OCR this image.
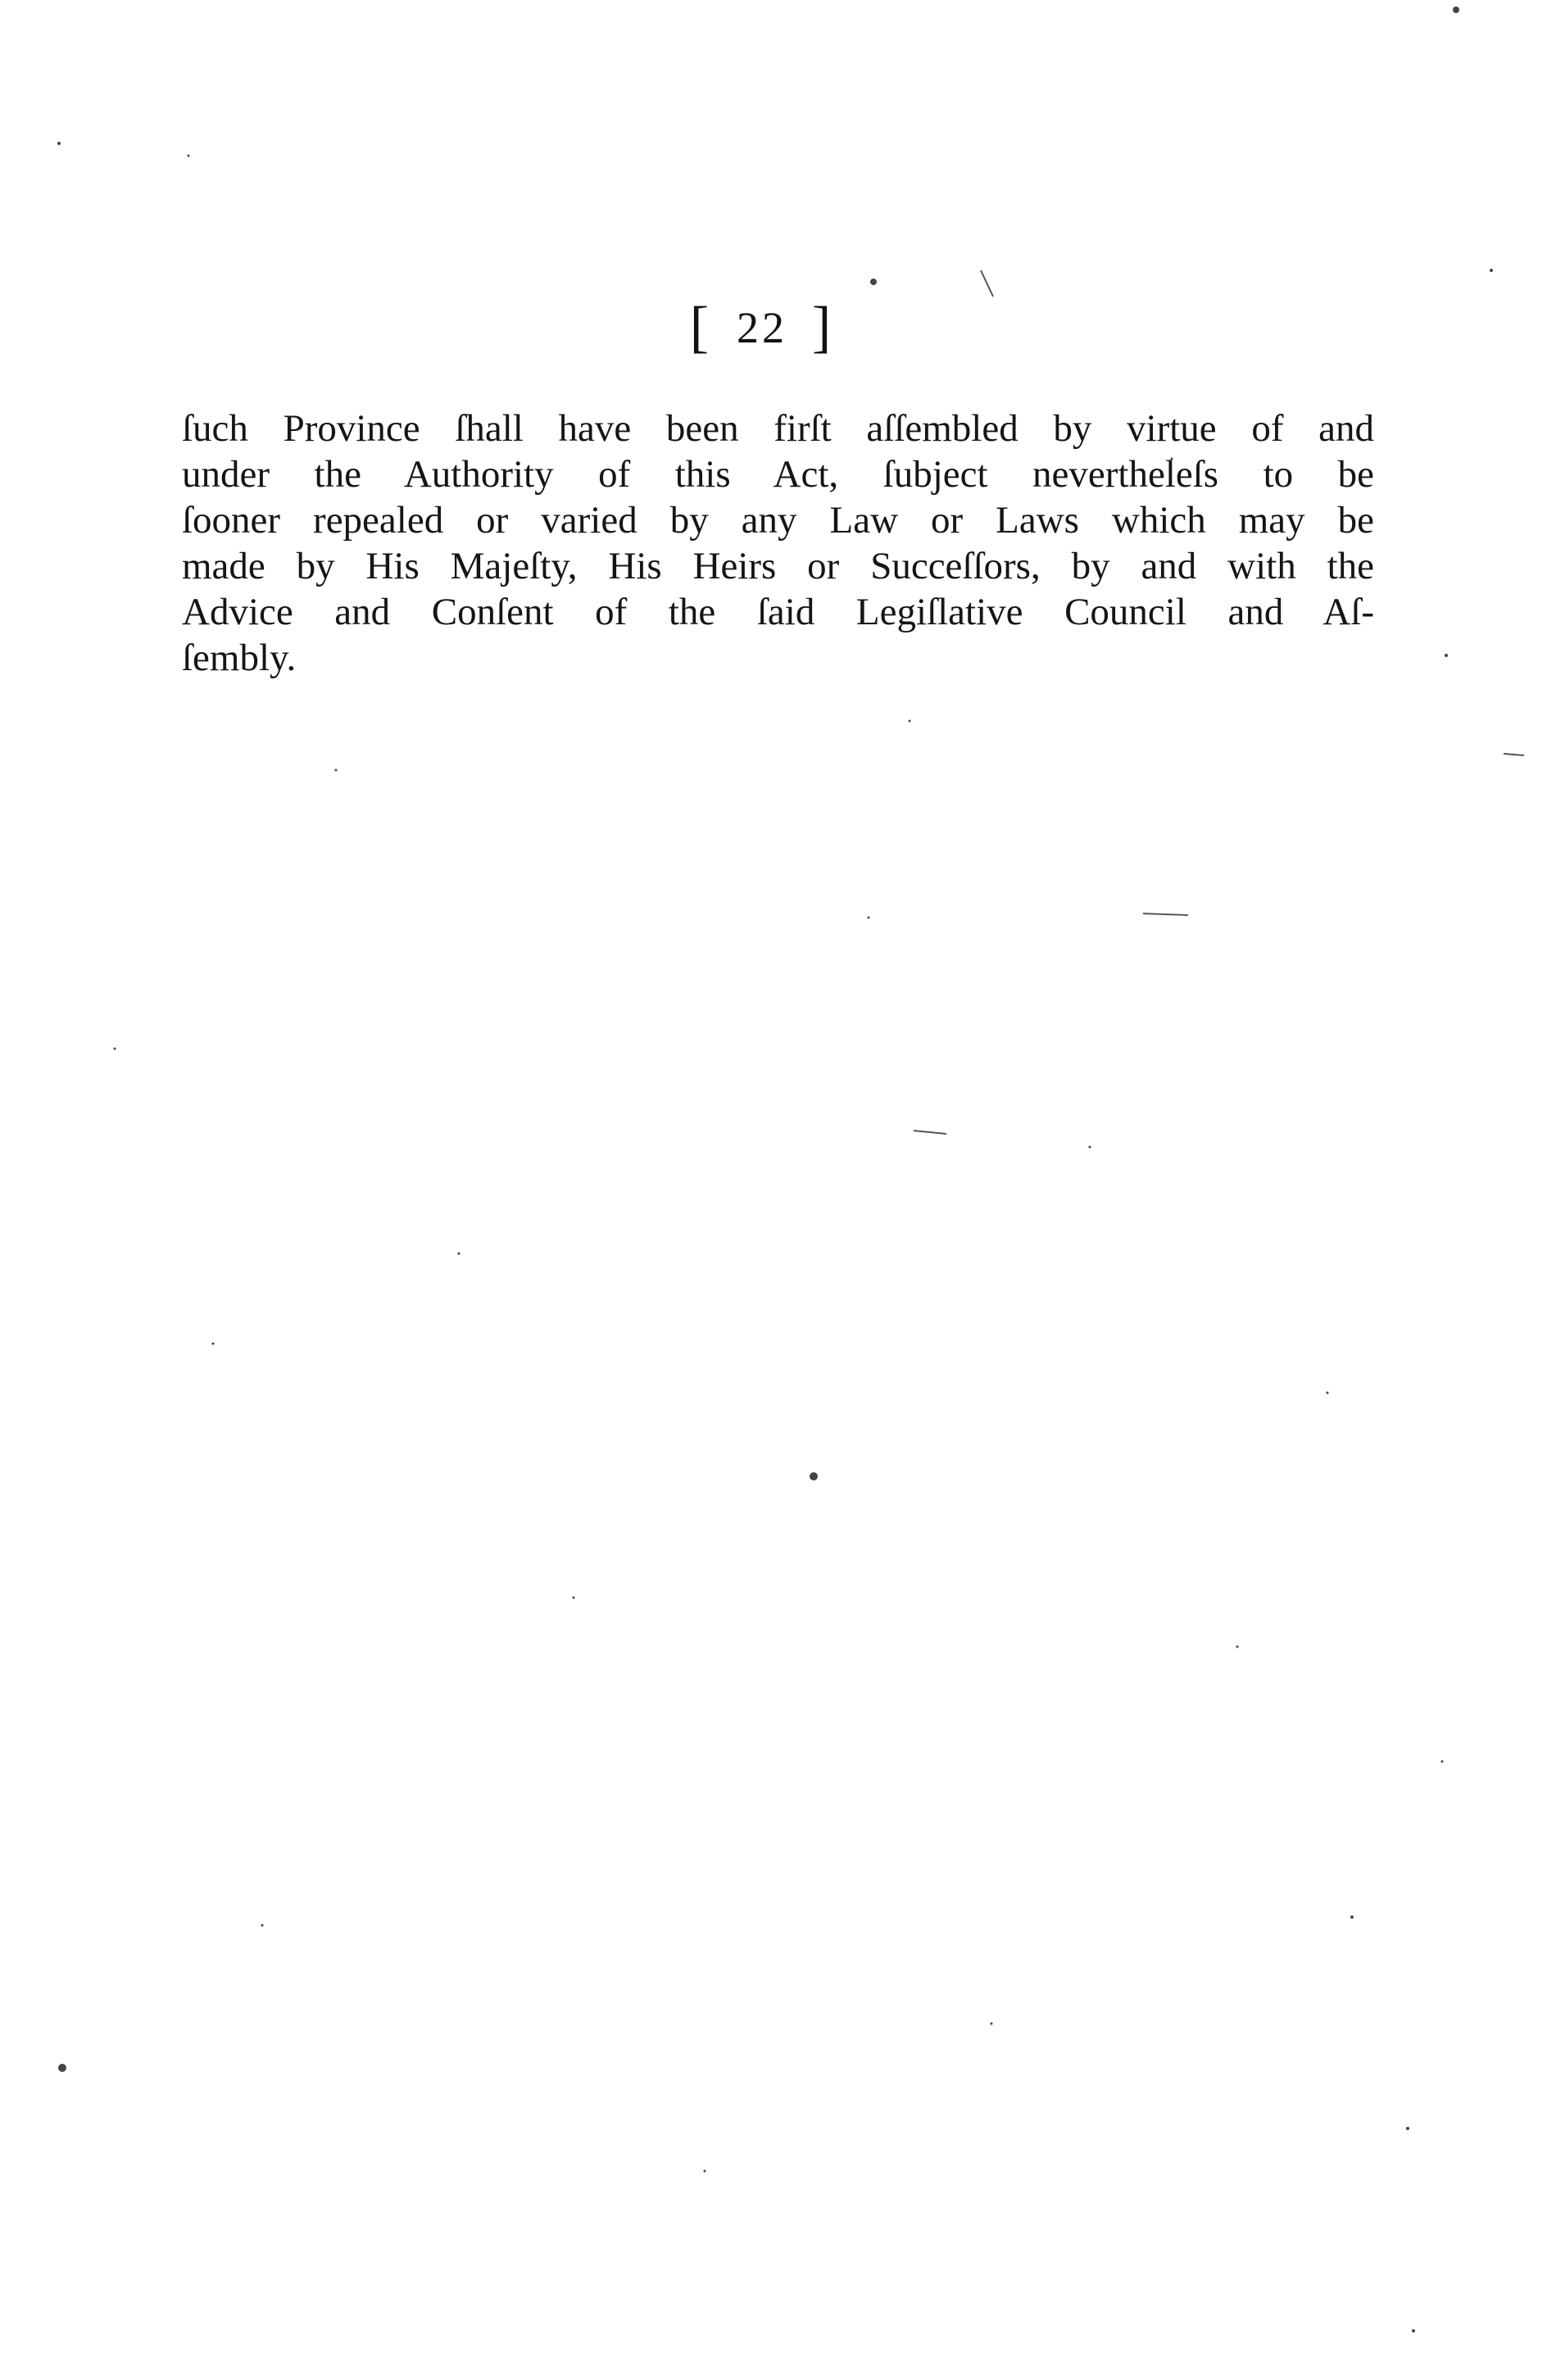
[ 22 ]
ſuch Province ſhall have been firſt aſſembled by virtue of and
under the Authority of this Act, ſubject nevertheleſs to be
ſooner repealed or varied by any Law or Laws which may be
made by His Majeſty, His Heirs or Succeſſors, by and with the
Advice and Conſent of the ſaid Legiſlative Council and Aſ-
ſembly.
